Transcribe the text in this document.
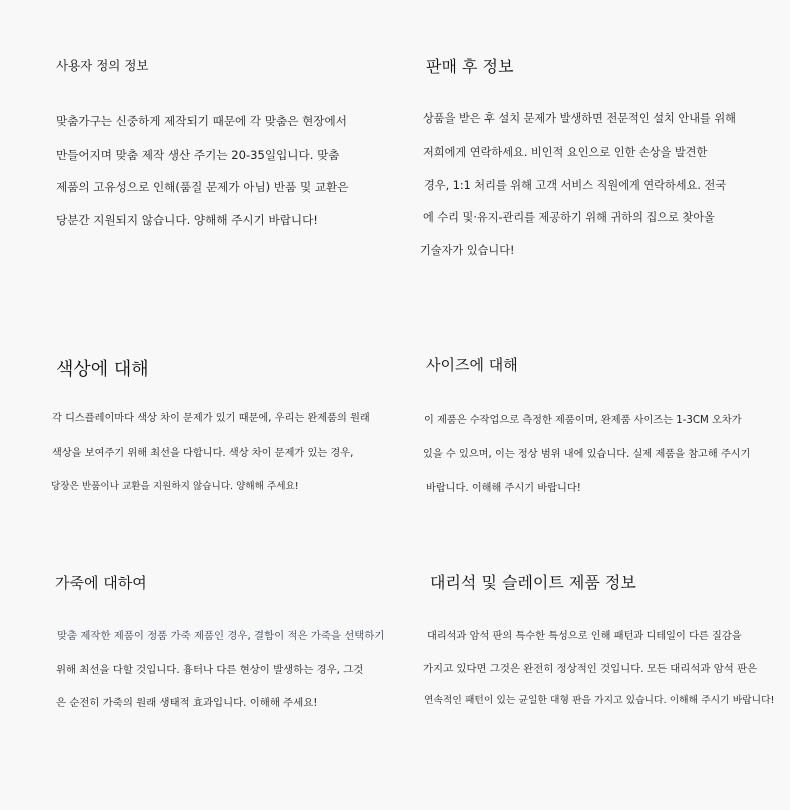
사용자 정의 정보
맞춤가구는 신중하게 제작되기 때문에 각 맞춤은 현장에서
만들어지며 맞춤 제작 생산 주기는 20-35일입니다. 맞춤
제품의 고유성으로 인해(품질 문제가 아님) 반품 및 교환은
당분간 지원되지 않습니다. 양해해 주시기 바랍니다!
판매 후 정보
상품을 받은 후 설치 문제가 발생하면 전문적인 설치 안내를 위해
저희에게 연락하세요. 비인적 요인으로 인한 손상을 발견한
경우, 1:1 처리를 위해 고객 서비스 직원에게 연락하세요. 전국
에 수리 및·유지-관리를 제공하기 위해 귀하의 집으로 찾아올
기술자가 있습니다!
색상에 대해
각 디스플레이마다 색상 차이 문제가 있기 때문에, 우리는 완제품의 원래
색상을 보여주기 위해 최선을 다합니다. 색상 차이 문제가 있는 경우,
당장은 반품이나 교환을 지원하지 않습니다. 양해해 주세요!
사이즈에 대해
이 제품은 수작업으로 측정한 제품이며, 완제품 사이즈는 1-3CM 오차가
있을 수 있으며, 이는 정상 범위 내에 있습니다. 실제 제품을 참고해 주시기
바랍니다. 이해해 주시기 바랍니다!
가죽에 대하여
맞춤 제작한 제품이 정품 가죽 제품인 경우, 결함이 적은 가죽을 선택하기
위해 최선을 다할 것입니다. 흉터나 다른 현상이 발생하는 경우, 그것
은 순전히 가죽의 원래 생태적 효과입니다. 이해해 주세요!
대리석 및 슬레이트 제품 정보
대리석과 암석 판의 특수한 특성으로 인해 패턴과 디테일이 다른 질감을
가지고 있다면 그것은 완전히 정상적인 것입니다. 모든 대리석과 암석 판은
연속적인 패턴이 있는 균일한 대형 판을 가지고 있습니다. 이해해 주시기 바랍니다!
